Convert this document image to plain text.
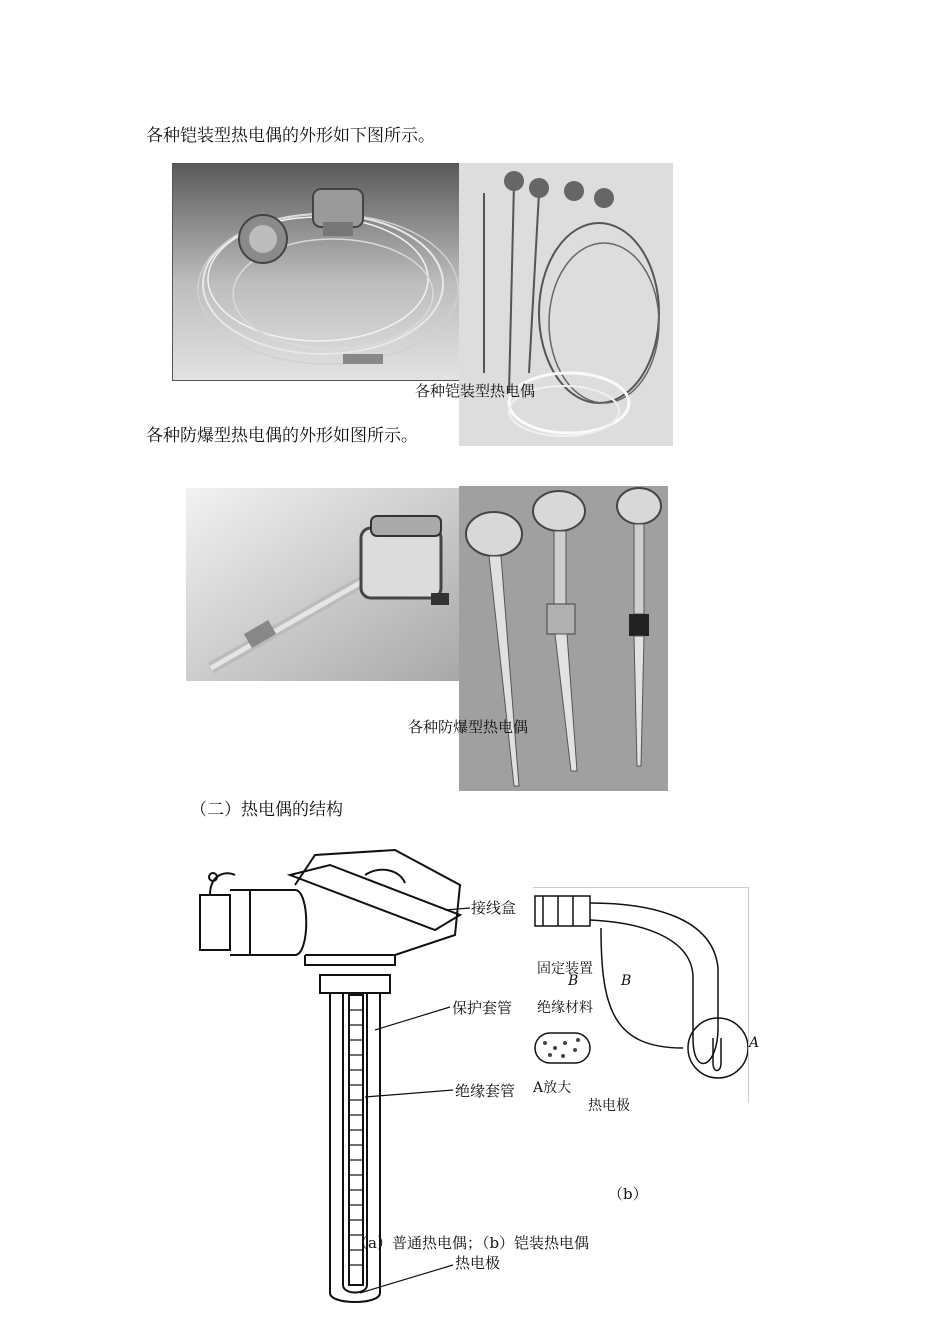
各种铠装型热电偶的外形如下图所示。
各种铠装型热电偶
各种防爆型热电偶的外形如图所示。
各种防爆型热电偶
（二）热电偶的结构
固定装置
B	B
绝缘材料
A
A放大
热电极
接线盒
保护套管
绝缘套管
热电极
（b）
（a）普通热电偶；（b）铠装热电偶
